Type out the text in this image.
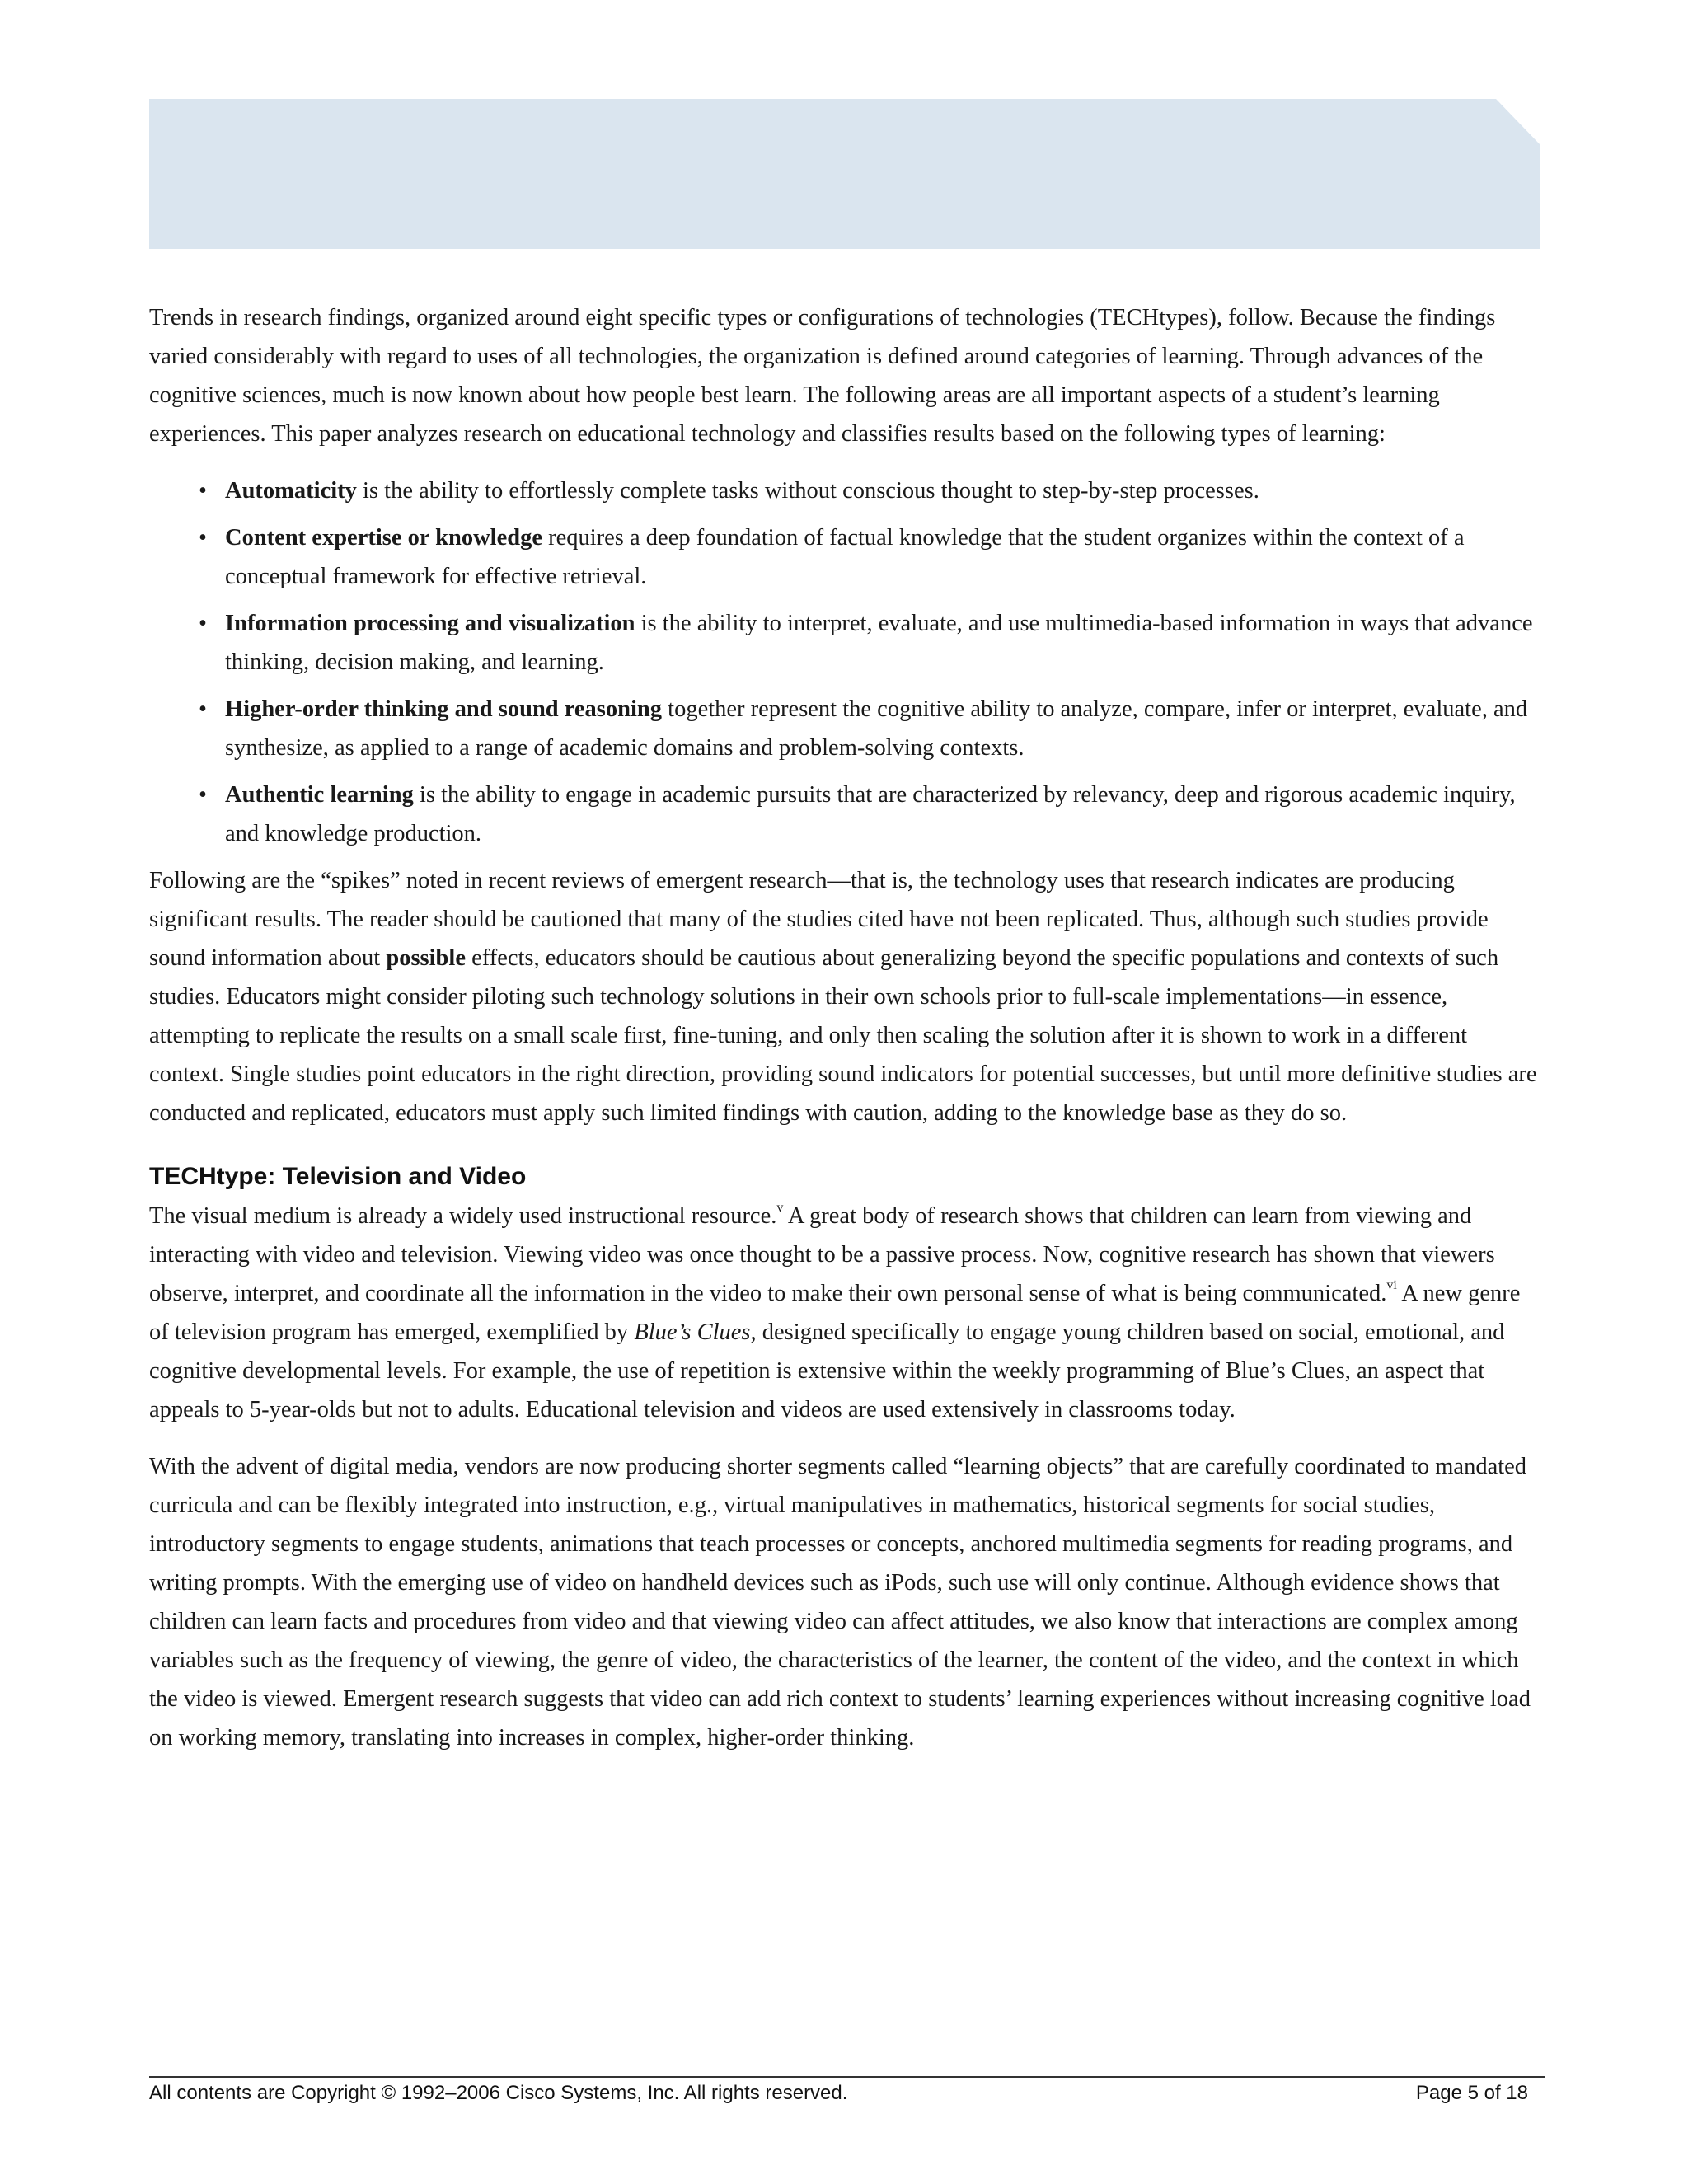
Trends in research findings, organized around eight specific types or configurations of technologies (TECHtypes), follow. Because the findings varied considerably with regard to uses of all technologies, the organization is defined around categories of learning. Through advances of the cognitive sciences, much is now known about how people best learn. The following areas are all important aspects of a student’s learning experiences. This paper analyzes research on educational technology and classifies results based on the following types of learning:

• Automaticity is the ability to effortlessly complete tasks without conscious thought to step-by-step processes.
• Content expertise or knowledge requires a deep foundation of factual knowledge that the student organizes within the context of a conceptual framework for effective retrieval.
• Information processing and visualization is the ability to interpret, evaluate, and use multimedia-based information in ways that advance thinking, decision making, and learning.
• Higher-order thinking and sound reasoning together represent the cognitive ability to analyze, compare, infer or interpret, evaluate, and synthesize, as applied to a range of academic domains and problem-solving contexts.
• Authentic learning is the ability to engage in academic pursuits that are characterized by relevancy, deep and rigorous academic inquiry, and knowledge production.

Following are the “spikes” noted in recent reviews of emergent research—that is, the technology uses that research indicates are producing significant results. The reader should be cautioned that many of the studies cited have not been replicated. Thus, although such studies provide sound information about possible effects, educators should be cautious about generalizing beyond the specific populations and contexts of such studies. Educators might consider piloting such technology solutions in their own schools prior to full-scale implementations—in essence, attempting to replicate the results on a small scale first, fine-tuning, and only then scaling the solution after it is shown to work in a different context. Single studies point educators in the right direction, providing sound indicators for potential successes, but until more definitive studies are conducted and replicated, educators must apply such limited findings with caution, adding to the knowledge base as they do so.

TECHtype: Television and Video

The visual medium is already a widely used instructional resource.$^v$ A great body of research shows that children can learn from viewing and interacting with video and television. Viewing video was once thought to be a passive process. Now, cognitive research has shown that viewers observe, interpret, and coordinate all the information in the video to make their own personal sense of what is being communicated.$^{vi}$ A new genre of television program has emerged, exemplified by Blue’s Clues, designed specifically to engage young children based on social, emotional, and cognitive developmental levels. For example, the use of repetition is extensive within the weekly programming of Blue’s Clues, an aspect that appeals to 5-year-olds but not to adults. Educational television and videos are used extensively in classrooms today.

With the advent of digital media, vendors are now producing shorter segments called “learning objects” that are carefully coordinated to mandated curricula and can be flexibly integrated into instruction, e.g., virtual manipulatives in mathematics, historical segments for social studies, introductory segments to engage students, animations that teach processes or concepts, anchored multimedia segments for reading programs, and writing prompts. With the emerging use of video on handheld devices such as iPods, such use will only continue. Although evidence shows that children can learn facts and procedures from video and that viewing video can affect attitudes, we also know that interactions are complex among variables such as the frequency of viewing, the genre of video, the characteristics of the learner, the content of the video, and the context in which the video is viewed. Emergent research suggests that video can add rich context to students’ learning experiences without increasing cognitive load on working memory, translating into increases in complex, higher-order thinking.

All contents are Copyright © 1992–2006 Cisco Systems, Inc. All rights reserved.	Page 5 of 18
